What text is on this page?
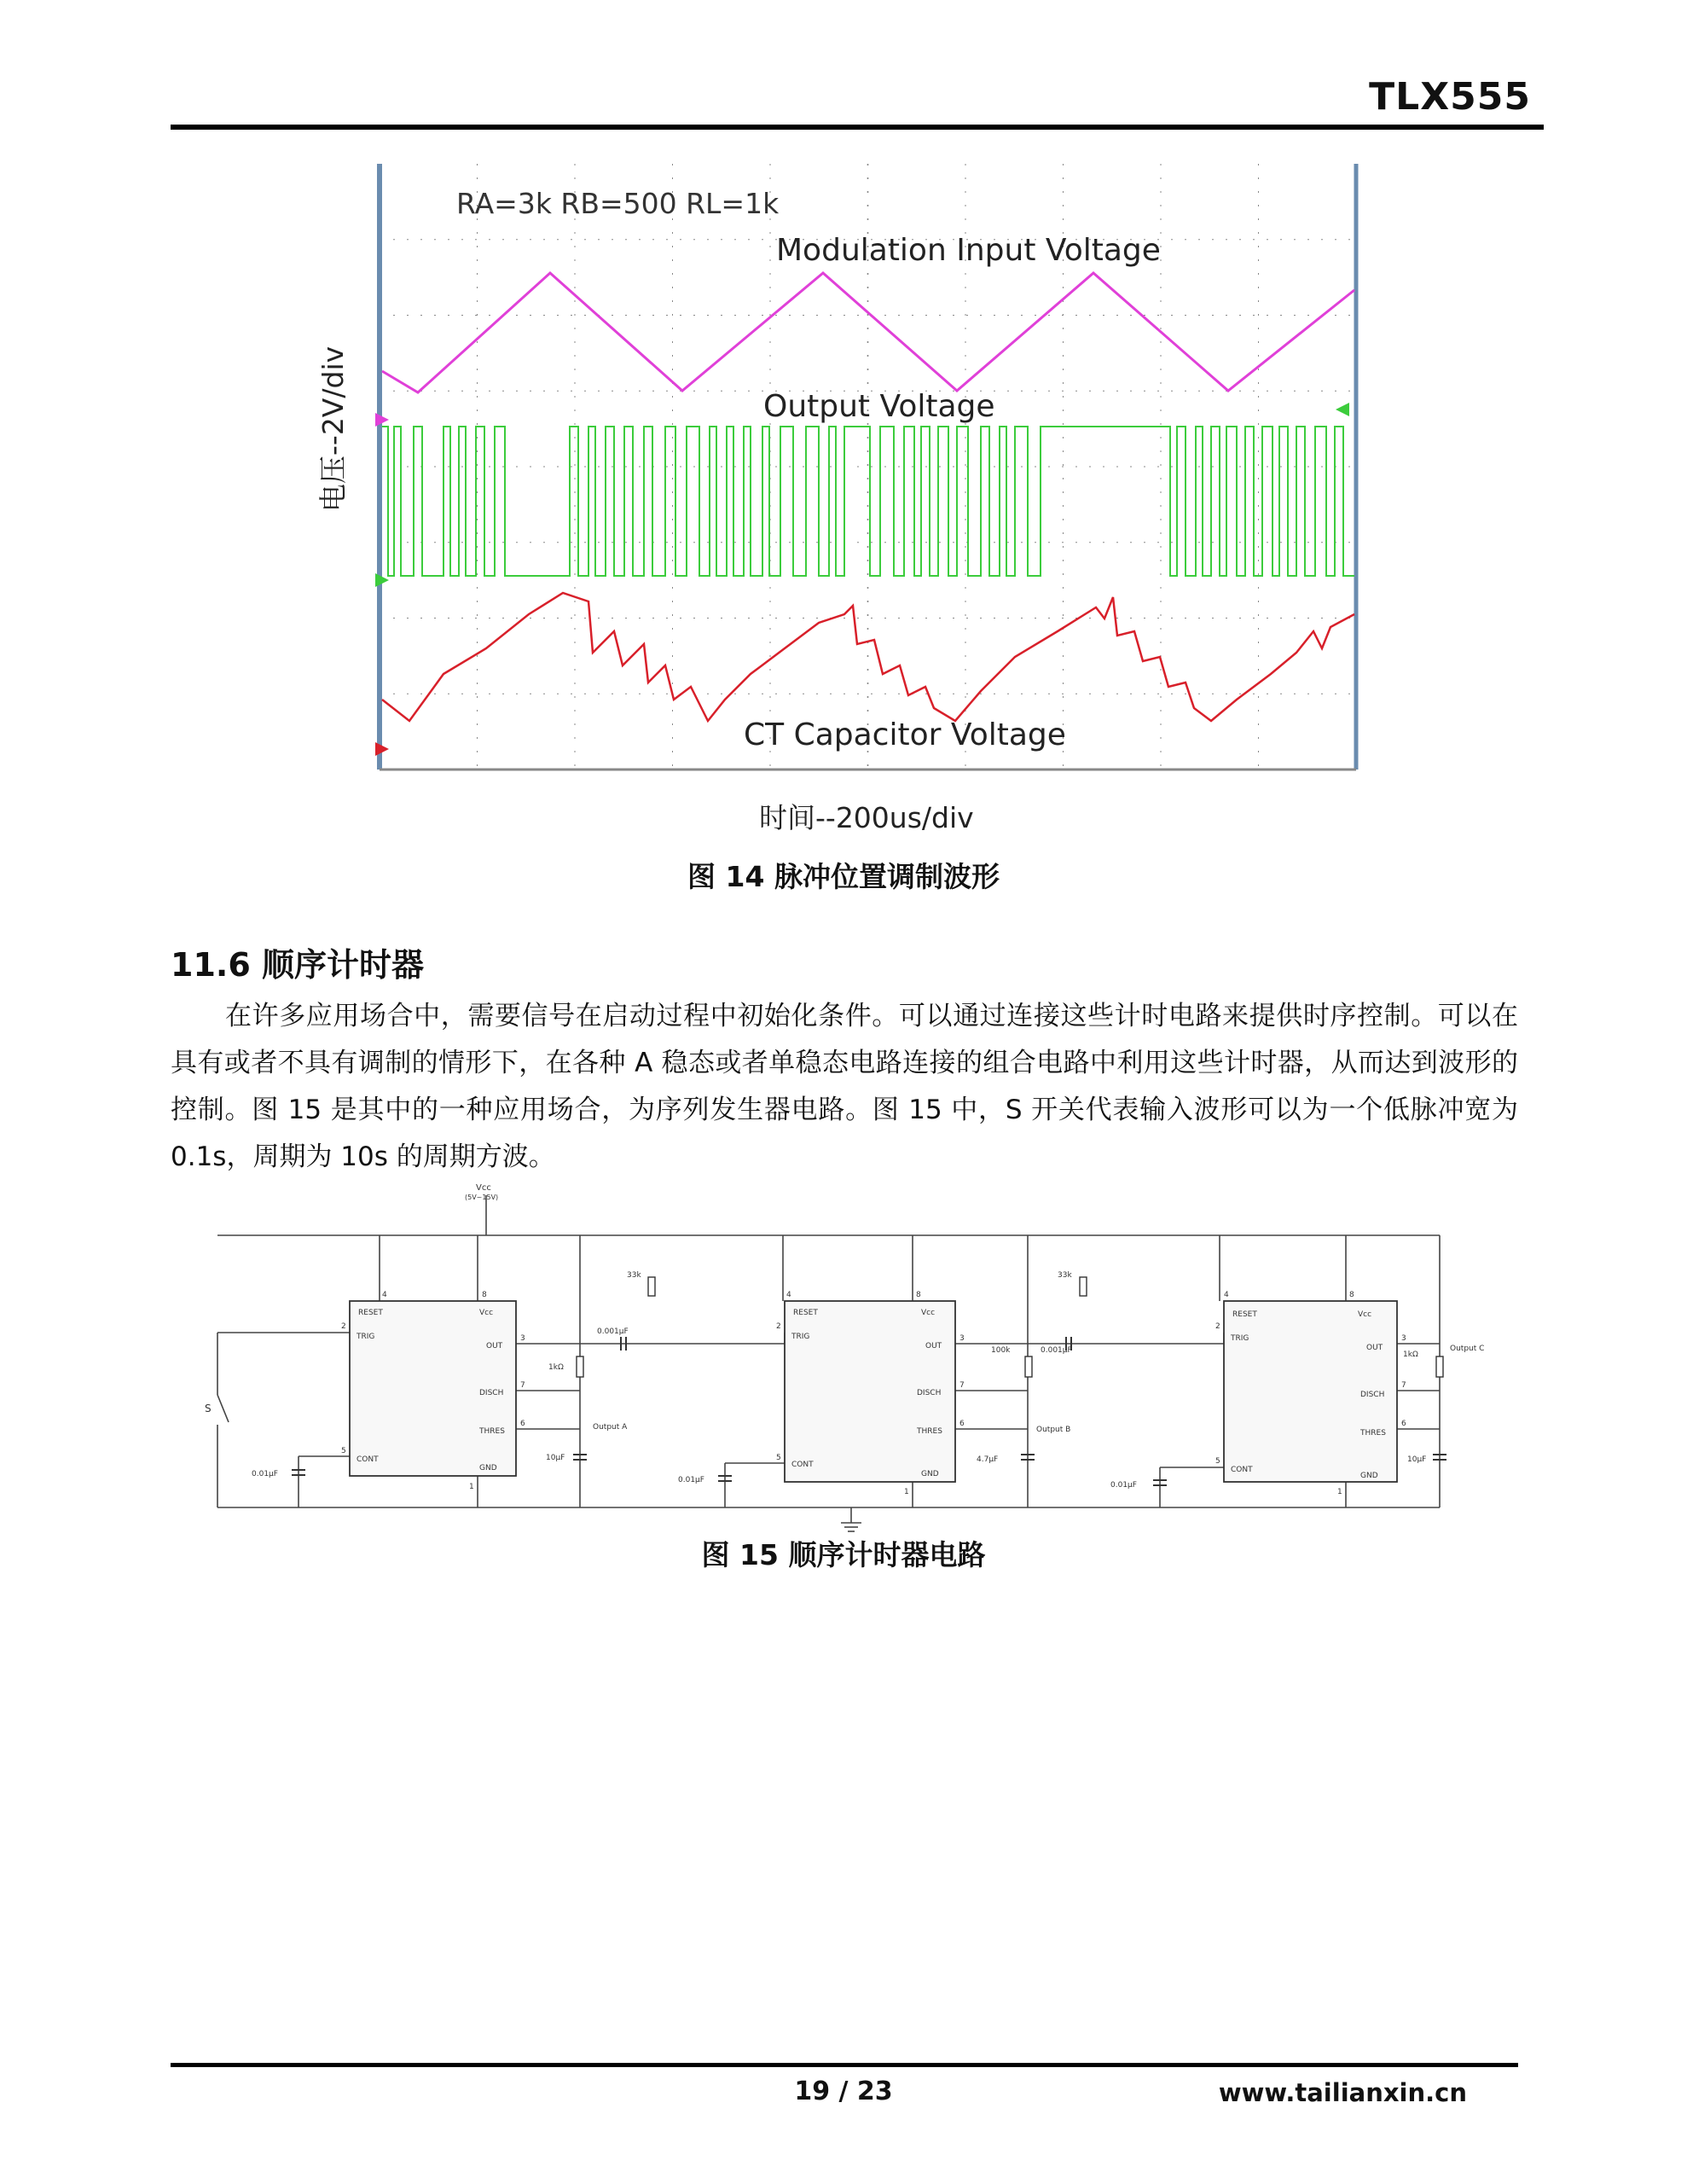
TLX555
RA=3k RB=500 RL=1k
Modulation Input Voltage
Output Voltage
CT Capacitor Voltage
电压--2V/div
时间--200us/div
图 14 脉冲位置调制波形
11.6 顺序计时器
在许多应用场合中，需要信号在启动过程中初始化条件。可以通过连接这些计时电路来提供时序控制。可以在具有或者不具有调制的情形下，在各种 A 稳态或者单稳态电路连接的组合电路中利用这些计时器，从而达到波形的控制。图 15 是其中的一种应用场合，为序列发生器电路。图 15 中，S 开关代表输入波形可以为一个低脉冲宽为 0.1s，周期为 10s 的周期方波。
Vcc
(5V~15V)
S
RESET	Vcc
TRIG
OUT
DISCH
THRES
CONT
GND
4	8
2
3
7
6
5
1
0.01μF
1kΩ
0.001μF
10μF
Output A
RESET	Vcc
TRIG
OUT
DISCH
THRES
CONT
GND
4	8
2
3
7
6
5
1
0.01μF
33k
100k	0.001μF
4.7μF
Output B
RESET	Vcc
TRIG
OUT
DISCH
THRES
CONT
GND
4	8
2
3
7
6
5
1
0.01μF
33k
1kΩ
10μF
Output C
图 15 顺序计时器电路
19 / 23	www.tailianxin.cn
